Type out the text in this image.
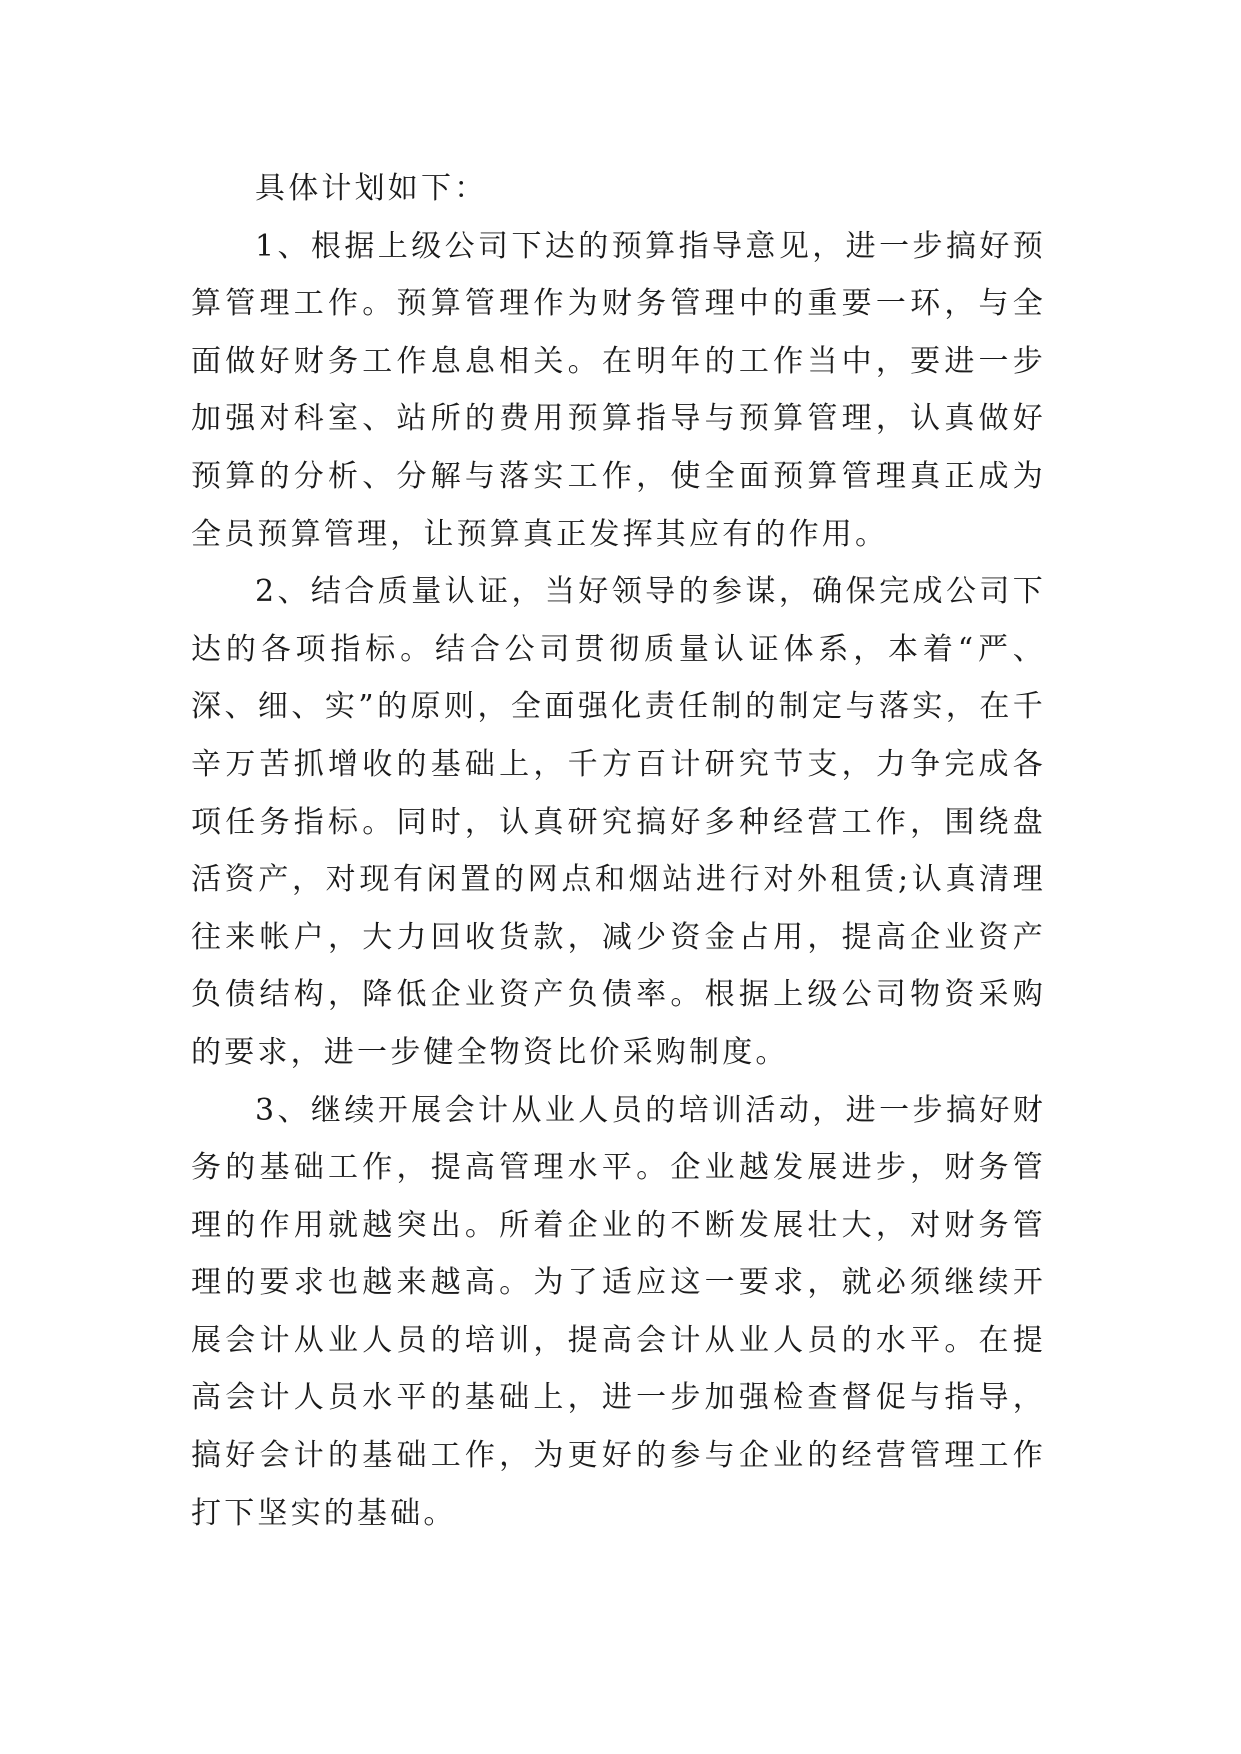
具体计划如下：

1、根据上级公司下达的预算指导意见，进一步搞好预算管理工作。预算管理作为财务管理中的重要一环，与全面做好财务工作息息相关。在明年的工作当中，要进一步加强对科室、站所的费用预算指导与预算管理，认真做好预算的分析、分解与落实工作，使全面预算管理真正成为全员预算管理，让预算真正发挥其应有的作用。

2、结合质量认证，当好领导的参谋，确保完成公司下达的各项指标。结合公司贯彻质量认证体系，本着“严、深、细、实”的原则，全面强化责任制的制定与落实，在千辛万苦抓增收的基础上，千方百计研究节支，力争完成各项任务指标。同时，认真研究搞好多种经营工作，围绕盘活资产，对现有闲置的网点和烟站进行对外租赁;认真清理往来帐户，大力回收货款，减少资金占用，提高企业资产负债结构，降低企业资产负债率。根据上级公司物资采购的要求，进一步健全物资比价采购制度。

3、继续开展会计从业人员的培训活动，进一步搞好财务的基础工作，提高管理水平。企业越发展进步，财务管理的作用就越突出。所着企业的不断发展壮大，对财务管理的要求也越来越高。为了适应这一要求，就必须继续开展会计从业人员的培训，提高会计从业人员的水平。在提高会计人员水平的基础上，进一步加强检查督促与指导，搞好会计的基础工作，为更好的参与企业的经营管理工作打下坚实的基础。
